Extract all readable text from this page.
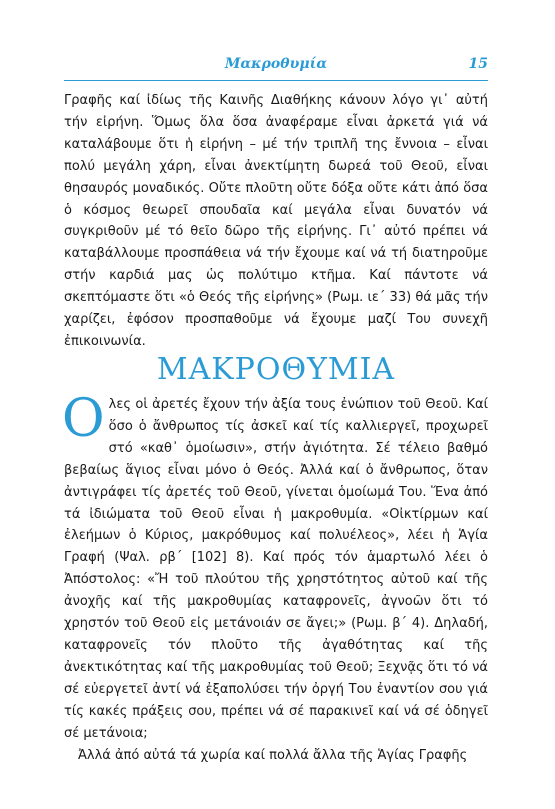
Μακροθυμία	15

Γραφῆς καί ἰδίως τῆς Καινῆς Διαθήκης κάνουν λόγο γι᾽ αὐτή τήν εἰρήνη. Ὅμως ὅλα ὅσα ἀναφέραμε εἶναι ἀρκετά γιά νά καταλάβουμε ὅτι ἡ εἰρήνη – μέ τήν τριπλῆ της ἔννοια – εἶναι πολύ μεγάλη χάρη, εἶναι ἀνεκτίμητη δωρεά τοῦ Θεοῦ, εἶναι θησαυρός μοναδικός. Οὔτε πλοῦτη οὔτε δόξα οὔτε κάτι ἀπό ὅσα ὁ κόσμος θεωρεῖ σπουδαῖα καί μεγάλα εἶναι δυνατόν νά συγκριθοῦν μέ τό θεῖο δῶρο τῆς εἰρήνης. Γι᾽ αὐτό πρέπει νά καταβάλλουμε προσπάθεια νά τήν ἔχουμε καί νά τή διατηροῦμε στήν καρδιά μας ὡς πολύτιμο κτῆμα. Καί πάντοτε νά σκεπτόμαστε ὅτι «ὁ Θεός τῆς εἰρήνης» (Ρωμ. ιε΄ 33) θά μᾶς τήν χαρίζει, ἐφόσον προσπαθοῦμε νά ἔχουμε μαζί Του συνεχῆ ἐπικοινωνία.

ΜΑΚΡΟΘΥΜΙΑ

Ολες οἱ ἀρετές ἔχουν τήν ἀξία τους ἐνώπιον τοῦ Θεοῦ. Καί ὅσο ὁ ἄνθρωπος τίς ἀσκεῖ καί τίς καλλιεργεῖ, προχωρεῖ στό «καθ᾽ ὁμοίωσιν», στήν ἁγιότητα. Σέ τέλειο βαθμό βεβαίως ἅγιος εἶναι μόνο ὁ Θεός. Ἀλλά καί ὁ ἄνθρωπος, ὅταν ἀντιγράφει τίς ἀρετές τοῦ Θεοῦ, γίνεται ὁμοίωμά Του. Ἕνα ἀπό τά ἰδιώματα τοῦ Θεοῦ εἶναι ἡ μακροθυμία. «Οἰκτίρμων καί ἐλεήμων ὁ Κύριος, μακρόθυμος καί πολυέλεος», λέει ἡ Ἁγία Γραφή (Ψαλ. ρβ΄ [102] 8). Καί πρός τόν ἁμαρτωλό λέει ὁ Ἀπόστολος: «Ἤ τοῦ πλούτου τῆς χρηστότητος αὐτοῦ καί τῆς ἀνοχῆς καί τῆς μακροθυμίας καταφρονεῖς, ἀγνοῶν ὅτι τό χρηστόν τοῦ Θεοῦ εἰς μετάνοιάν σε ἄγει;» (Ρωμ. β΄ 4). Δηλαδή, καταφρονεῖς τόν πλοῦτο τῆς ἀγαθότητας καί τῆς ἀνεκτικότητας καί τῆς μακροθυμίας τοῦ Θεοῦ; Ξεχνᾷς ὅτι τό νά σέ εὐεργετεῖ ἀντί νά ἐξαπολύσει τήν ὀργή Του ἐναντίον σου γιά τίς κακές πράξεις σου, πρέπει νά σέ παρακινεῖ καί νά σέ ὁδηγεῖ σέ μετάνοια;

Ἀλλά ἀπό αὐτά τά χωρία καί πολλά ἄλλα τῆς Ἁγίας Γραφῆς
